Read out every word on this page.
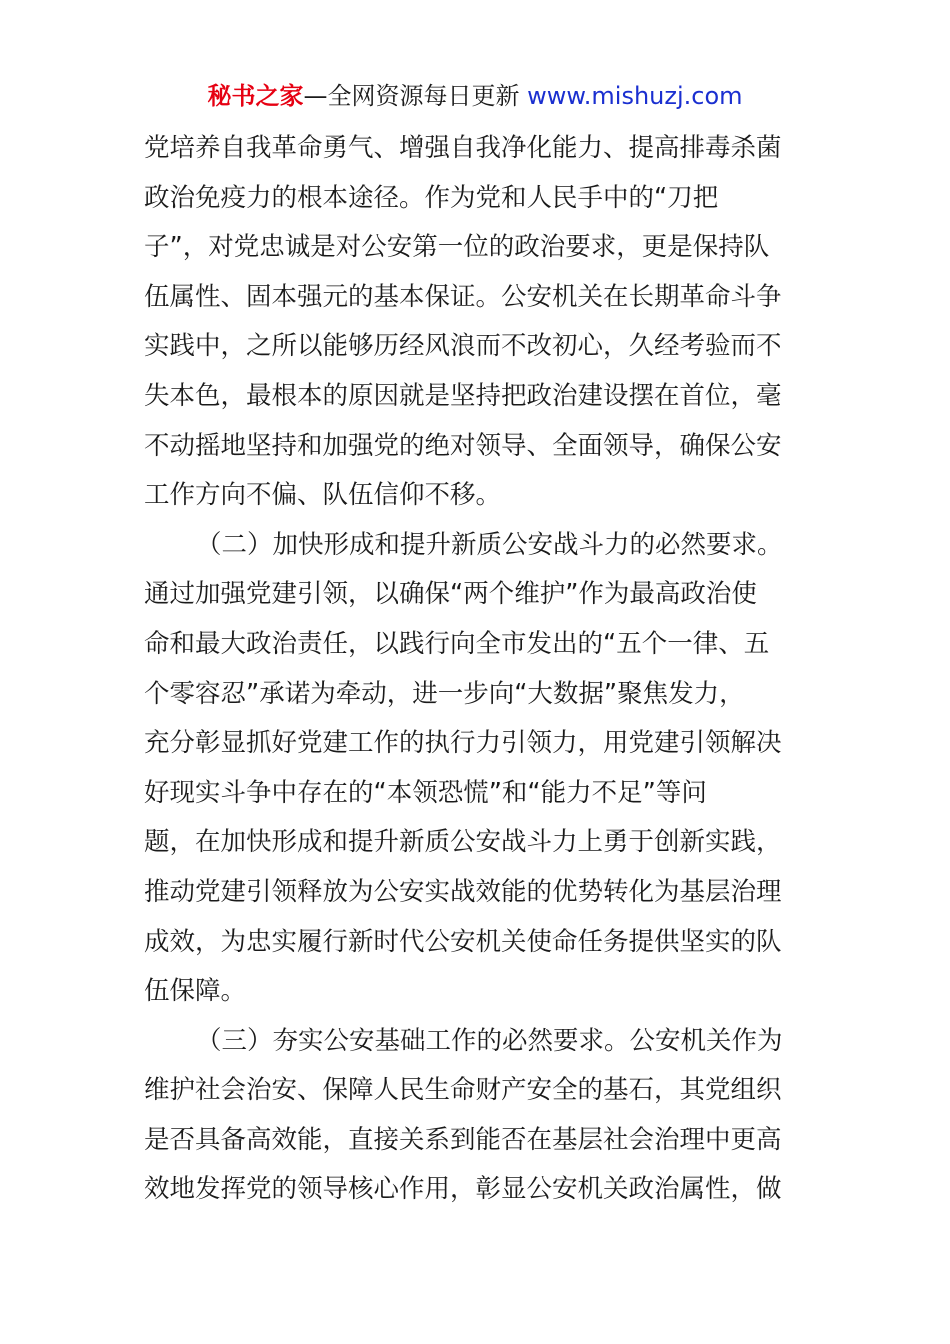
秘书之家—全网资源每日更新 www.mishuzj.com
党培养自我革命勇气、增强自我净化能力、提高排毒杀菌
政治免疫力的根本途径。作为党和人民手中的“刀把
子”，对党忠诚是对公安第一位的政治要求，更是保持队
伍属性、固本强元的基本保证。公安机关在长期革命斗争
实践中，之所以能够历经风浪而不改初心，久经考验而不
失本色，最根本的原因就是坚持把政治建设摆在首位，毫
不动摇地坚持和加强党的绝对领导、全面领导，确保公安
工作方向不偏、队伍信仰不移。
（二）加快形成和提升新质公安战斗力的必然要求。
通过加强党建引领，以确保“两个维护”作为最高政治使
命和最大政治责任，以践行向全市发出的“五个一律、五
个零容忍”承诺为牵动，进一步向“大数据”聚焦发力，
充分彰显抓好党建工作的执行力引领力，用党建引领解决
好现实斗争中存在的“本领恐慌”和“能力不足”等问
题，在加快形成和提升新质公安战斗力上勇于创新实践，
推动党建引领释放为公安实战效能的优势转化为基层治理
成效，为忠实履行新时代公安机关使命任务提供坚实的队
伍保障。
（三）夯实公安基础工作的必然要求。公安机关作为
维护社会治安、保障人民生命财产安全的基石，其党组织
是否具备高效能，直接关系到能否在基层社会治理中更高
效地发挥党的领导核心作用，彰显公安机关政治属性，做
